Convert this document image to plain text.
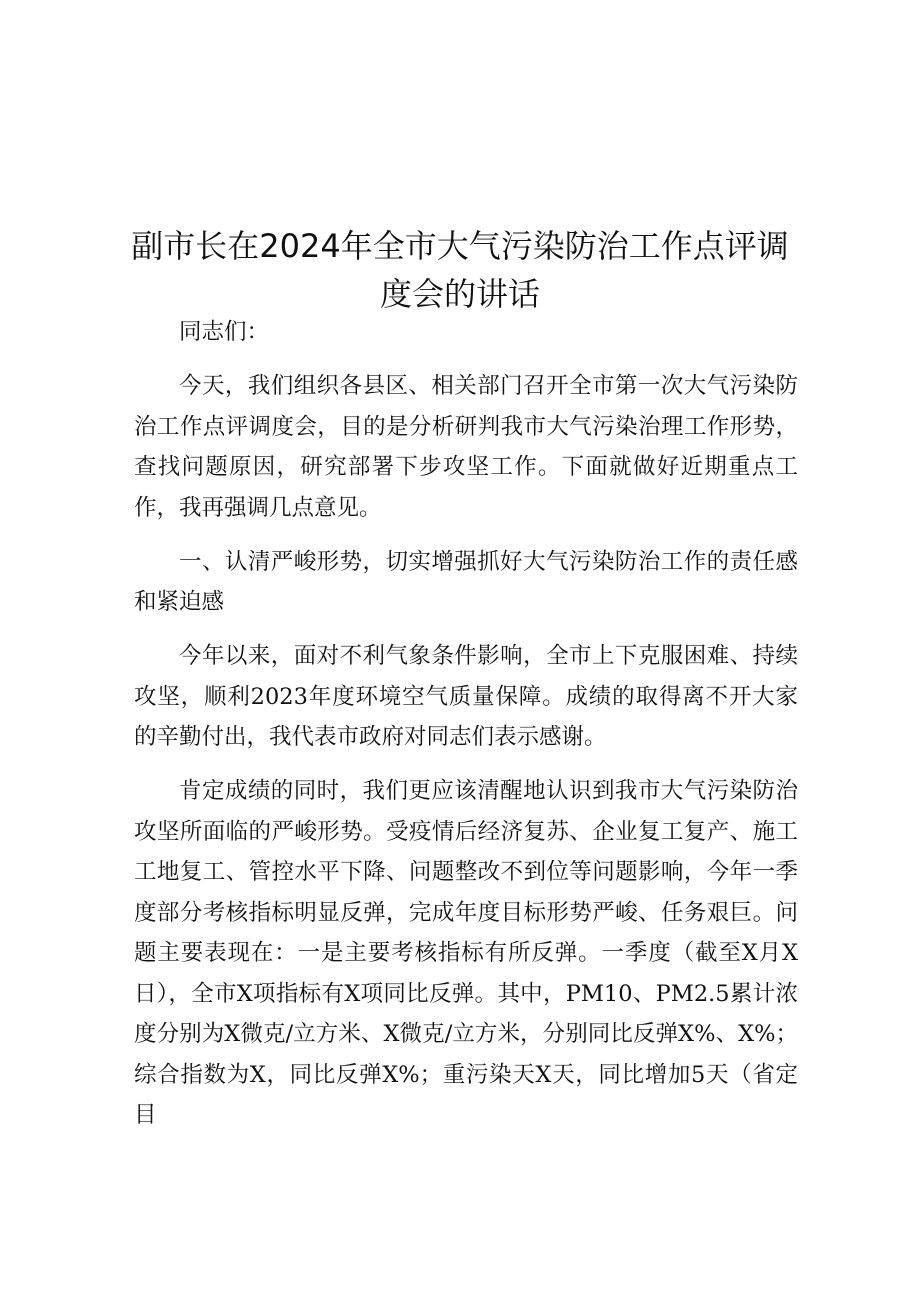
副市长在2024年全市大气污染防治工作点评调
度会的讲话

同志们：

今天，我们组织各县区、相关部门召开全市第一次大气污染防治工作点评调度会，目的是分析研判我市大气污染治理工作形势，查找问题原因，研究部署下步攻坚工作。下面就做好近期重点工作，我再强调几点意见。

一、认清严峻形势，切实增强抓好大气污染防治工作的责任感和紧迫感

今年以来，面对不利气象条件影响，全市上下克服困难、持续攻坚，顺利2023年度环境空气质量保障。成绩的取得离不开大家的辛勤付出，我代表市政府对同志们表示感谢。

肯定成绩的同时，我们更应该清醒地认识到我市大气污染防治攻坚所面临的严峻形势。受疫情后经济复苏、企业复工复产、施工工地复工、管控水平下降、问题整改不到位等问题影响，今年一季度部分考核指标明显反弹，完成年度目标形势严峻、任务艰巨。问题主要表现在：一是主要考核指标有所反弹。一季度（截至X月X日），全市X项指标有X项同比反弹。其中，PM10、PM2.5累计浓度分别为X微克/立方米、X微克/立方米，分别同比反弹X%、X%；综合指数为X，同比反弹X%；重污染天X天，同比增加5天（省定目
